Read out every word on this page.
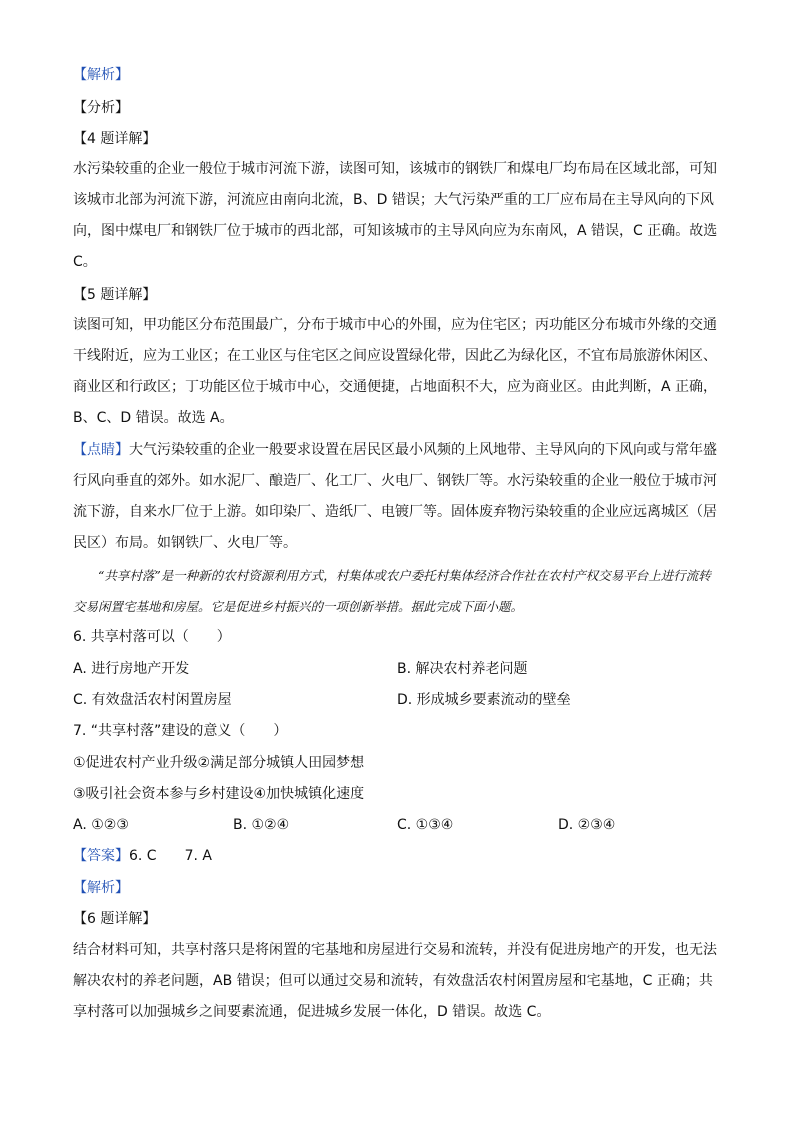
【解析】
【分析】
【4 题详解】
水污染较重的企业一般位于城市河流下游，读图可知，该城市的钢铁厂和煤电厂均布局在区域北部，可知该城市北部为河流下游，河流应由南向北流，B、D 错误；大气污染严重的工厂应布局在主导风向的下风向，图中煤电厂和钢铁厂位于城市的西北部，可知该城市的主导风向应为东南风，A 错误，C 正确。故选C。
【5 题详解】
读图可知，甲功能区分布范围最广，分布于城市中心的外围，应为住宅区；丙功能区分布城市外缘的交通干线附近，应为工业区；在工业区与住宅区之间应设置绿化带，因此乙为绿化区，不宜布局旅游休闲区、商业区和行政区；丁功能区位于城市中心，交通便捷，占地面积不大，应为商业区。由此判断，A 正确，B、C、D 错误。故选 A。
【点睛】大气污染较重的企业一般要求设置在居民区最小风频的上风地带、主导风向的下风向或与常年盛行风向垂直的郊外。如水泥厂、酿造厂、化工厂、火电厂、钢铁厂等。水污染较重的企业一般位于城市河流下游，自来水厂位于上游。如印染厂、造纸厂、电镀厂等。固体废弃物污染较重的企业应远离城区（居民区）布局。如钢铁厂、火电厂等。
“共享村落”是一种新的农村资源利用方式，村集体或农户委托村集体经济合作社在农村产权交易平台上进行流转交易闲置宅基地和房屋。它是促进乡村振兴的一项创新举措。据此完成下面小题。
6. 共享村落可以（　　）
A. 进行房地产开发	B. 解决农村养老问题
C. 有效盘活农村闲置房屋	D. 形成城乡要素流动的壁垒
7. “共享村落”建设的意义（　　）
①促进农村产业升级②满足部分城镇人田园梦想
③吸引社会资本参与乡村建设④加快城镇化速度
A. ①②③	B. ①②④	C. ①③④	D. ②③④
【答案】6. C　　7. A
【解析】
【6 题详解】
结合材料可知，共享村落只是将闲置的宅基地和房屋进行交易和流转，并没有促进房地产的开发，也无法解决农村的养老问题，AB 错误；但可以通过交易和流转，有效盘活农村闲置房屋和宅基地，C 正确；共享村落可以加强城乡之间要素流通，促进城乡发展一体化，D 错误。故选 C。
